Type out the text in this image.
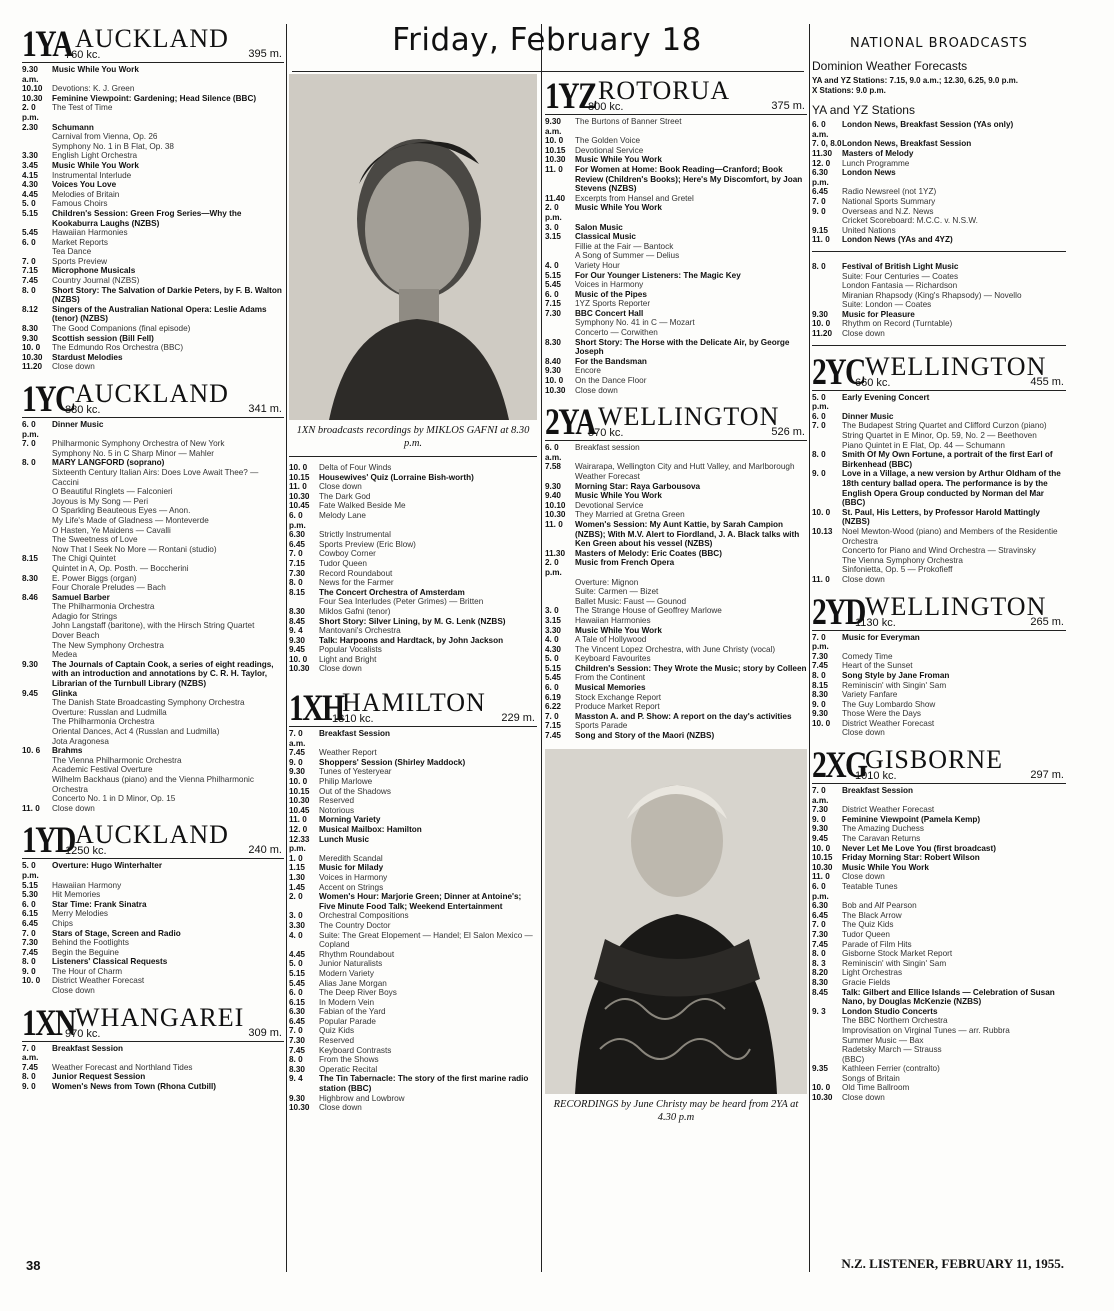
Friday, February 18
1YA AUCKLAND
760 kc.	395 m.
9.30 a.m.
Music While You Work
10.10	Devotions: K. J. Green
10.30	Feminine Viewpoint: Gardening; Head Silence (BBC)
2. 0 p.m.
The Test of Time
2.30	Schumann
Carnival from Vienna, Op. 26
Symphony No. 1 in B Flat, Op. 38
3.30	English Light Orchestra
3.45	Music While You Work
4.15	Instrumental Interlude
4.30	Voices You Love
4.45	Melodies of Britain
5. 0	Famous Choirs
5.15	Children's Session: Green Frog Series—Why the Kookaburra Laughs (NZBS)
5.45	Hawaiian Harmonies
6. 0	Market Reports
Tea Dance
7. 0	Sports Preview
7.15	Microphone Musicals
7.45	Country Journal (NZBS)
8. 0	Short Story: The Salvation of Darkie Peters, by F. B. Walton (NZBS)
8.12	Singers of the Australian National Opera: Leslie Adams (tenor) (NZBS)
8.30	The Good Companions (final episode)
9.30	Scottish session (Bill Fell)
10. 0	The Edmundo Ros Orchestra (BBC)
10.30	Stardust Melodies
11.20	Close down
1YC AUCKLAND
880 kc.	341 m.
6. 0 p.m.
Dinner Music
7. 0	Philharmonic Symphony Orchestra of New York
Symphony No. 5 in C Sharp Minor — Mahler
8. 0	MARY LANGFORD (soprano)
Sixteenth Century Italian Airs: Does Love Await Thee? — Caccini
O Beautiful Ringlets — Falconieri
Joyous is My Song — Peri
O Sparkling Beauteous Eyes — Anon.
My Life's Made of Gladness — Monteverde
O Hasten, Ye Maidens — Cavalli
The Sweetness of Love
Now That I Seek No More — Rontani (studio)
8.15	The Chigi Quintet
Quintet in A, Op. Posth. — Boccherini
8.30	E. Power Biggs (organ)
Four Chorale Preludes — Bach
8.46	Samuel Barber
The Philharmonia Orchestra
Adagio for Strings
John Langstaff (baritone), with the Hirsch String Quartet
Dover Beach
The New Symphony Orchestra
Medea
9.30	The Journals of Captain Cook, a series of eight readings, with an introduction and annotations by C. R. H. Taylor, Librarian of the Turnbull Library (NZBS)
9.45	Glinka
The Danish State Broadcasting Symphony Orchestra
Overture: Russlan and Ludmilla
The Philharmonia Orchestra
Oriental Dances, Act 4 (Russlan and Ludmilla)
Jota Aragonesa
10. 6	Brahms
The Vienna Philharmonic Orchestra
Academic Festival Overture
Wilhelm Backhaus (piano) and the Vienna Philharmonic Orchestra
Concerto No. 1 in D Minor, Op. 15
11. 0	Close down
1YD AUCKLAND
1250 kc.	240 m.
5. 0 p.m.
Overture: Hugo Winterhalter
5.15	Hawaiian Harmony
5.30	Hit Memories
6. 0	Star Time: Frank Sinatra
6.15	Merry Melodies
6.45	Chips
7. 0	Stars of Stage, Screen and Radio
7.30	Behind the Footlights
7.45	Begin the Beguine
8. 0	Listeners' Classical Requests
9. 0	The Hour of Charm
10. 0	District Weather Forecast
Close down
1XN WHANGAREI
970 kc.	309 m.
7. 0 a.m.
Breakfast Session
7.45	Weather Forecast and Northland Tides
8. 0	Junior Request Session
9. 0	Women's News from Town (Rhona Cutbill)
1XN broadcasts recordings by MIKLOS GAFNI at 8.30 p.m.
10. 0	Delta of Four Winds
10.15	Housewives' Quiz (Lorraine Bish-worth)
11. 0	Close down
10.30	The Dark God
10.45	Fate Walked Beside Me
6. 0 p.m.
Melody Lane
6.30	Strictly Instrumental
6.45	Sports Preview (Eric Blow)
7. 0	Cowboy Corner
7.15	Tudor Queen
7.30	Record Roundabout
8. 0	News for the Farmer
8.15	The Concert Orchestra of Amsterdam
Four Sea Interludes (Peter Grimes) — Britten
8.30	Miklos Gafni (tenor)
8.45	Short Story: Silver Lining, by M. G. Lenk (NZBS)
9. 4	Mantovani's Orchestra
9.30	Talk: Harpoons and Hardtack, by John Jackson
9.45	Popular Vocalists
10. 0	Light and Bright
10.30	Close down
1XH
HAMILTON
1310 kc.	229 m.
7. 0 a.m.
Breakfast Session
7.45	Weather Report
9. 0	Shoppers' Session (Shirley Maddock)
9.30	Tunes of Yesteryear
10. 0	Philip Marlowe
10.15	Out of the Shadows
10.30	Reserved
10.45	Notorious
11. 0	Morning Variety
12. 0	Musical Mailbox: Hamilton
12.33 p.m.
Lunch Music
1. 0	Meredith Scandal
1.15	Music for Milady
1.30	Voices in Harmony
1.45	Accent on Strings
2. 0	Women's Hour: Marjorie Green; Dinner at Antoine's; Five Minute Food Talk; Weekend Entertainment
3. 0	Orchestral Compositions
3.30	The Country Doctor
4. 0	Suite: The Great Elopement — Handel; El Salon Mexico — Copland
4.45	Rhythm Roundabout
5. 0	Junior Naturalists
5.15	Modern Variety
5.45	Alias Jane Morgan
6. 0	The Deep River Boys
6.15	In Modern Vein
6.30	Fabian of the Yard
6.45	Popular Parade
7. 0	Quiz Kids
7.30	Reserved
7.45	Keyboard Contrasts
8. 0	From the Shows
8.30	Operatic Recital
9. 4	The Tin Tabernacle: The story of the first marine radio station (BBC)
9.30	Highbrow and Lowbrow
10.30	Close down
1YZ ROTORUA
800 kc.	375 m.
9.30 a.m.
The Burtons of Banner Street
10. 0	The Golden Voice
10.15	Devotional Service
10.30	Music While You Work
11. 0	For Women at Home: Book Reading—Cranford; Book Review (Children's Books); Here's My Discomfort, by Joan Stevens (NZBS)
11.40	Excerpts from Hansel and Gretel
2. 0 p.m.
Music While You Work
3. 0	Salon Music
3.15	Classical Music
Fillie at the Fair — Bantock
A Song of Summer — Delius
4. 0	Variety Hour
5.15	For Our Younger Listeners: The Magic Key
5.45	Voices in Harmony
6. 0	Music of the Pipes
7.15	1YZ Sports Reporter
7.30	BBC Concert Hall
Symphony No. 41 in C — Mozart
Concerto — Corwithen
8.30	Short Story: The Horse with the Delicate Air, by George Joseph
8.40	For the Bandsman
9.30	Encore
10. 0	On the Dance Floor
10.30	Close down
2YA WELLINGTON
570 kc.	526 m.
6. 0 a.m.
Breakfast session
7.58	Wairarapa, Wellington City and Hutt Valley, and Marlborough Weather Forecast
9.30	Morning Star: Raya Garbousova
9.40	Music While You Work
10.10	Devotional Service
10.30	They Married at Gretna Green
11. 0	Women's Session: My Aunt Kattie, by Sarah Campion (NZBS); With M.V. Alert to Fiordland, J. A. Black talks with Ken Green about his vessel (NZBS)
11.30	Masters of Melody: Eric Coates (BBC)
2. 0 p.m.
Music from French Opera
Overture: Mignon
Suite: Carmen — Bizet
Ballet Music: Faust — Gounod
3. 0	The Strange House of Geoffrey Marlowe
3.15	Hawaiian Harmonies
3.30	Music While You Work
4. 0	A Tale of Hollywood
4.30	The Vincent Lopez Orchestra, with June Christy (vocal)
5. 0	Keyboard Favourites
5.15	Children's Session: They Wrote the Music; story by Colleen
5.45	From the Continent
6. 0	Musical Memories
6.19	Stock Exchange Report
6.22	Produce Market Report
7. 0	Masston A. and P. Show: A report on the day's activities
7.15	Sports Parade
7.45	Song and Story of the Maori (NZBS)
RECORDINGS by June Christy may be heard from 2YA at 4.30 p.m
NATIONAL BROADCASTS
Dominion Weather Forecasts
YA and YZ Stations: 7.15, 9.0 a.m.; 12.30, 6.25, 9.0 p.m.
X Stations: 9.0 p.m.
YA and YZ Stations
6. 0 a.m.
London News, Breakfast Session (YAs only)
7. 0, 8.0 London News, Breakfast Session
11.30	Masters of Melody
12. 0	Lunch Programme
6.30 p.m.
London News
6.45	Radio Newsreel (not 1YZ)
7. 0	National Sports Summary
9. 0	Overseas and N.Z. News
Cricket Scoreboard: M.C.C. v. N.S.W.
9.15	United Nations
11. 0	London News (YAs and 4YZ)
8. 0	Festival of British Light Music
Suite: Four Centuries — Coates
London Fantasia — Richardson
Miranian Rhapsody (King's Rhapsody) — Novello
Suite: London — Coates
9.30	Music for Pleasure
10. 0	Rhythm on Record (Turntable)
11.20	Close down
2YC WELLINGTON
660 kc.	455 m.
5. 0 p.m.
Early Evening Concert
6. 0	Dinner Music
7. 0	The Budapest String Quartet and Clifford Curzon (piano)
String Quartet in E Minor, Op. 59, No. 2 — Beethoven
Piano Quintet in E Flat, Op. 44 — Schumann
8. 0	Smith Of My Own Fortune, a portrait of the first Earl of Birkenhead (BBC)
9. 0	Love in a Village, a new version by Arthur Oldham of the 18th century ballad opera. The performance is by the English Opera Group conducted by Norman del Mar (BBC)
10. 0	St. Paul, His Letters, by Professor Harold Mattingly (NZBS)
10.13	Noel Mewton-Wood (piano) and Members of the Residentie Orchestra
Concerto for Piano and Wind Orchestra — Stravinsky
The Vienna Symphony Orchestra
Sinfonietta, Op. 5 — Prokofieff
11. 0	Close down
2YD WELLINGTON
1130 kc.	265 m.
7. 0 p.m.
Music for Everyman
7.30	Comedy Time
7.45	Heart of the Sunset
8. 0	Song Style by Jane Froman
8.15	Reminiscin' with Singin' Sam
8.30	Variety Fanfare
9. 0	The Guy Lombardo Show
9.30	Those Were the Days
10. 0	District Weather Forecast
Close down
2XG
GISBORNE
1010 kc.	297 m.
7. 0 a.m.
Breakfast Session
7.30	District Weather Forecast
9. 0	Feminine Viewpoint (Pamela Kemp)
9.30	The Amazing Duchess
9.45	The Caravan Returns
10. 0	Never Let Me Love You (first broadcast)
10.15	Friday Morning Star: Robert Wilson
10.30	Music While You Work
11. 0	Close down
6. 0 p.m.
Teatable Tunes
6.30	Bob and Alf Pearson
6.45	The Black Arrow
7. 0	The Quiz Kids
7.30	Tudor Queen
7.45	Parade of Film Hits
8. 0	Gisborne Stock Market Report
8. 3	Reminiscin' with Singin' Sam
8.20	Light Orchestras
8.30	Gracie Fields
8.45	Talk: Gilbert and Ellice Islands — Celebration of Susan Nano, by Douglas McKenzie (NZBS)
9. 3	London Studio Concerts
The BBC Northern Orchestra
Improvisation on Virginal Tunes — arr. Rubbra
Summer Music — Bax
Radetsky March — Strauss
(BBC)
9.35	Kathleen Ferrier (contralto)
Songs of Britain
10. 0	Old Time Ballroom
10.30	Close down
38	N.Z. LISTENER, FEBRUARY 11, 1955.
